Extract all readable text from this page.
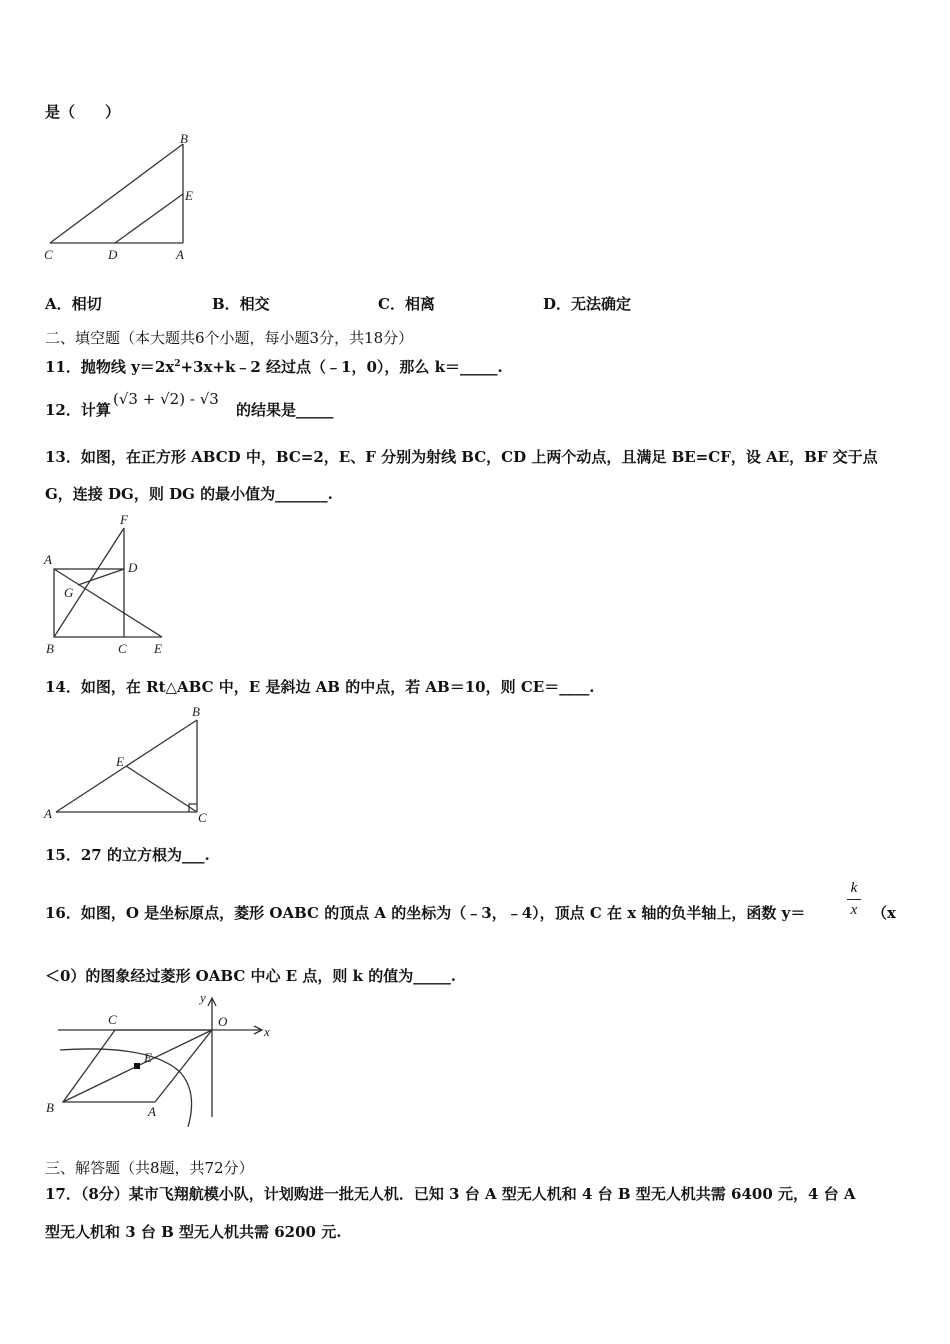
是（　　）
B
E
C	D	A
A．相切	B．相交	C．相离	D．无法确定
二、填空题（本大题共6个小题，每小题3分，共18分）
11．抛物线 $y=2x^2+3x+k﹣2$ 经过点（﹣1，0），那么 k＝_____.
12．计算
(√3 + √2) - √3
的结果是_____
13．如图，在正方形 ABCD 中，BC=2，E、F 分别为射线 BC，CD 上两个动点，且满足 BE=CF，设 AE，BF 交于点
G，连接 DG，则 DG 的最小值为_______.
F
A
D
G
B	C E
14．如图，在 Rt△ABC 中，E 是斜边 AB 的中点，若 AB＝10，则 CE＝____.
B
E
A	C
15．27 的立方根为___.
16．如图，O 是坐标原点，菱形 OABC 的顶点 A 的坐标为（﹣3，﹣4），顶点 C 在 x 轴的负半轴上，函数 y＝
k
x （x
＜0）的图象经过菱形 OABC 中心 E 点，则 k 的值为_____.
y
O
x
C
E
B	A
三、解答题（共8题，共72分）
17．（8分）某市飞翔航模小队，计划购进一批无人机．已知 3 台 A 型无人机和 4 台 B 型无人机共需 6400 元，4 台 A
型无人机和 3 台 B 型无人机共需 6200 元.
